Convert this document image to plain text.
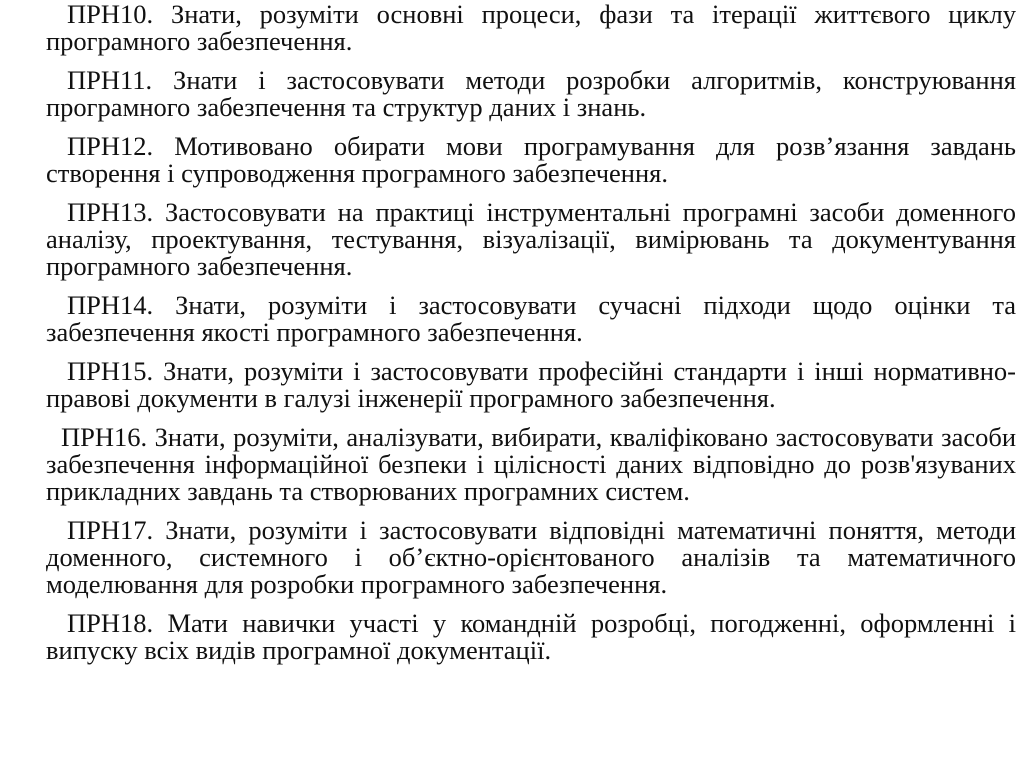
ПРН10. Знати, розуміти основні процеси, фази та ітерації життєвого циклу програмного забезпечення.

ПРН11. Знати і застосовувати методи розробки алгоритмів, конструювання програмного забезпечення та структур даних і знань.

ПРН12. Мотивовано обирати мови програмування для розв’язання завдань створення і супроводження програмного забезпечення.

ПРН13. Застосовувати на практиці інструментальні програмні засоби доменного аналізу, проектування, тестування, візуалізації, вимірювань та документування програмного забезпечення.

ПРН14. Знати, розуміти і застосовувати сучасні підходи щодо оцінки та забезпечення якості програмного забезпечення.

ПРН15. Знати, розуміти і застосовувати професійні стандарти і інші нормативно-правові документи в галузі інженерії програмного забезпечення.

ПРН16. Знати, розуміти, аналізувати, вибирати, кваліфіковано застосовувати засоби забезпечення інформаційної безпеки і цілісності даних відповідно до розв'язуваних прикладних завдань та створюваних програмних систем.

ПРН17. Знати, розуміти і застосовувати відповідні математичні поняття, методи доменного, системного і об’єктно-орієнтованого аналізів та математичного моделювання для розробки програмного забезпечення.

ПРН18. Мати навички участі у командній розробці, погодженні, оформленні і випуску всіх видів програмної документації.
